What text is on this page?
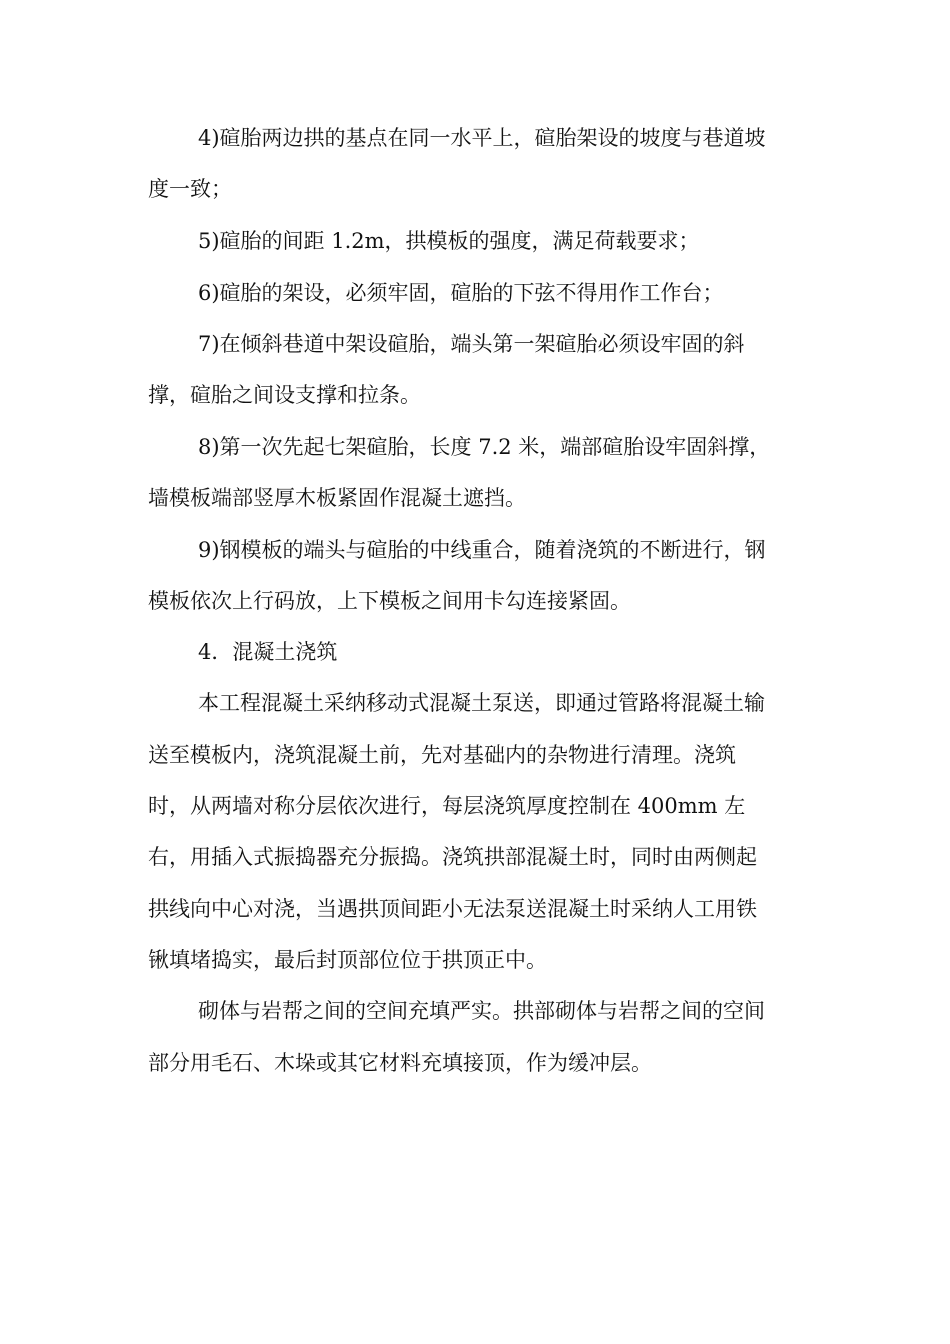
4)碹胎两边拱的基点在同一水平上，碹胎架设的坡度与巷道坡
度一致；
5)碹胎的间距 1.2m，拱模板的强度，满足荷载要求；
6)碹胎的架设，必须牢固，碹胎的下弦不得用作工作台；
7)在倾斜巷道中架设碹胎，端头第一架碹胎必须设牢固的斜
撑，碹胎之间设支撑和拉条。
8)第一次先起七架碹胎，长度 7.2 米，端部碹胎设牢固斜撑，
墙模板端部竖厚木板紧固作混凝土遮挡。
9)钢模板的端头与碹胎的中线重合，随着浇筑的不断进行，钢
模板依次上行码放，上下模板之间用卡勾连接紧固。
4．混凝土浇筑
本工程混凝土采纳移动式混凝土泵送，即通过管路将混凝土输
送至模板内，浇筑混凝土前，先对基础内的杂物进行清理。浇筑
时，从两墙对称分层依次进行，每层浇筑厚度控制在 400mm 左
右，用插入式振捣器充分振捣。浇筑拱部混凝土时，同时由两侧起
拱线向中心对浇，当遇拱顶间距小无法泵送混凝土时采纳人工用铁
锹填堵捣实，最后封顶部位位于拱顶正中。
砌体与岩帮之间的空间充填严实。拱部砌体与岩帮之间的空间
部分用毛石、木垛或其它材料充填接顶，作为缓冲层。
